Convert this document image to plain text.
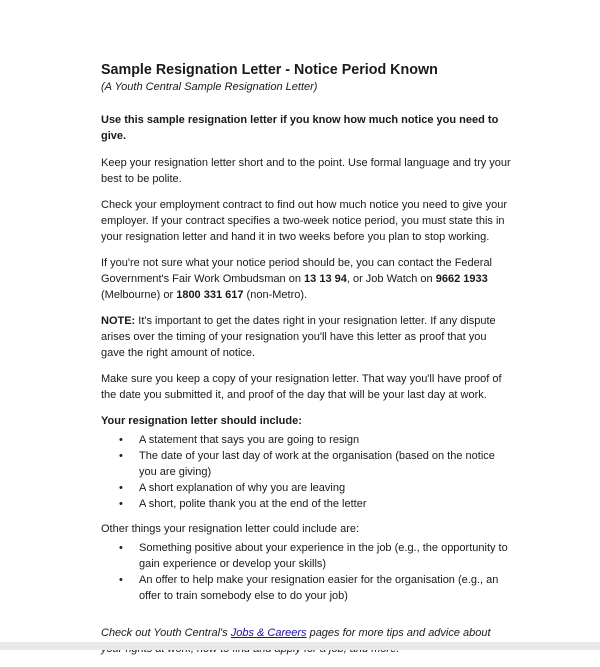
Sample Resignation Letter - Notice Period Known
(A Youth Central Sample Resignation Letter)

Use this sample resignation letter if you know how much notice you need to give.

Keep your resignation letter short and to the point. Use formal language and try your best to be polite.

Check your employment contract to find out how much notice you need to give your employer. If your contract specifies a two-week notice period, you must state this in your resignation letter and hand it in two weeks before you plan to stop working.

If you're not sure what your notice period should be, you can contact the Federal Government's Fair Work Ombudsman on 13 13 94, or Job Watch on 9662 1933 (Melbourne) or 1800 331 617 (non-Metro).

NOTE: It's important to get the dates right in your resignation letter. If any dispute arises over the timing of your resignation you'll have this letter as proof that you gave the right amount of notice.

Make sure you keep a copy of your resignation letter. That way you'll have proof of the date you submitted it, and proof of the day that will be your last day at work.

Your resignation letter should include:
• A statement that says you are going to resign
• The date of your last day of work at the organisation (based on the notice you are giving)
• A short explanation of why you are leaving
• A short, polite thank you at the end of the letter
Other things your resignation letter could include are:
• Something positive about your experience in the job (e.g., the opportunity to gain experience or develop your skills)
• An offer to help make your resignation easier for the organisation (e.g., an offer to train somebody else to do your job)

Check out Youth Central's Jobs & Careers pages for more tips and advice about
